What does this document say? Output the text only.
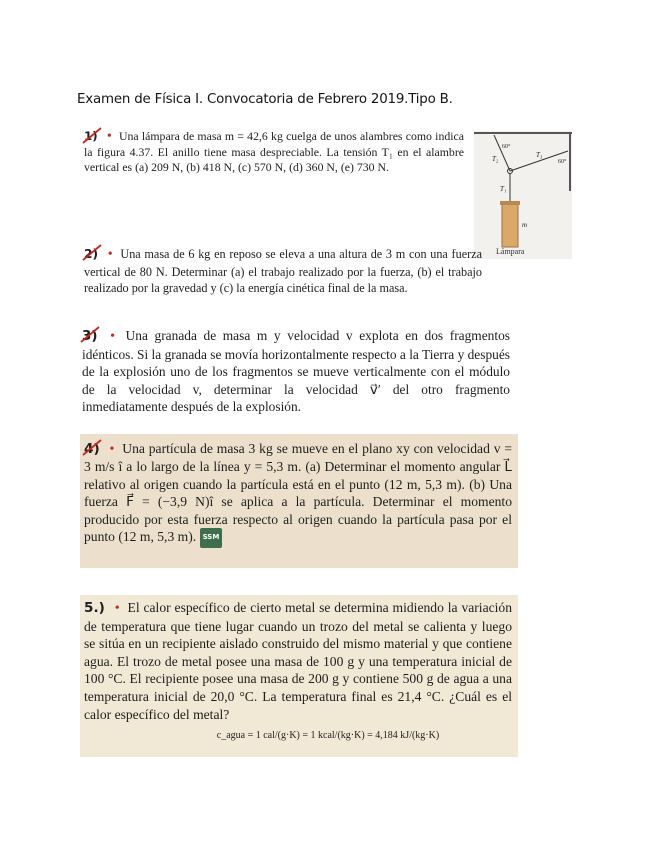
Examen de Física I. Convocatoria de Febrero 2019.Tipo B.

1) • Una lámpara de masa m = 42,6 kg cuelga de unos alambres como indica la figura 4.37. El anillo tiene masa despreciable. La tensión T₁ en el alambre vertical es (a) 209 N, (b) 418 N, (c) 570 N, (d) 360 N, (e) 730 N.

60°
60°
T₂	T₃
T₁
m
Lámpara

2) • Una masa de 6 kg en reposo se eleva a una altura de 3 m con una fuerza vertical de 80 N. Determinar (a) el trabajo realizado por la fuerza, (b) el trabajo realizado por la gravedad y (c) la energía cinética final de la masa.

3) • Una granada de masa m y velocidad v explota en dos fragmentos idénticos. Si la granada se movía horizontalmente respecto a la Tierra y después de la explosión uno de los fragmentos se mueve verticalmente con el módulo de la velocidad v, determinar la velocidad v⃗′ del otro fragmento inmediatamente después de la explosión.

4) • Una partícula de masa 3 kg se mueve en el plano xy con velocidad v = 3 m/s î a lo largo de la línea y = 5,3 m. (a) Determinar el momento angular L⃗ relativo al origen cuando la partícula está en el punto (12 m, 5,3 m). (b) Una fuerza F⃗ = (−3,9 N)î se aplica a la partícula. Determinar el momento producido por esta fuerza respecto al origen cuando la partícula pasa por el punto (12 m, 5,3 m). SSM

5.) • El calor específico de cierto metal se determina midiendo la variación de temperatura que tiene lugar cuando un trozo del metal se calienta y luego se sitúa en un recipiente aislado construido del mismo material y que contiene agua. El trozo de metal posee una masa de 100 g y una temperatura inicial de 100 °C. El recipiente posee una masa de 200 g y contiene 500 g de agua a una temperatura inicial de 20,0 °C. La temperatura final es 21,4 °C. ¿Cuál es el calor específico del metal?

c_agua = 1 cal/(g·K) = 1 kcal/(kg·K) = 4,184 kJ/(kg·K)
